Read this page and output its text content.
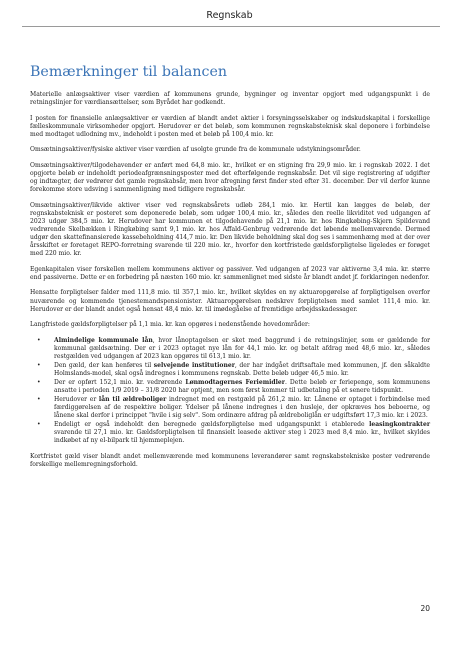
Regnskab
Bemærkninger til balancen

Materielle anlægsaktiver viser værdien af kommunens grunde, bygninger og inventar opgjort med udgangspunkt i de retningslinjer for værdiansættelser, som Byrådet har godkendt.

I posten for finansielle anlægsaktiver er værdien af blandt andet aktier i forsyningsselskaber og indskudskapital i forskellige fælleskommunale virksomheder opgjort. Herudover er det beløb, som kommunen regnskabsteknisk skal deponere i forbindelse med modtaget udlodning mv., indeholdt i posten med et beløb på 100,4 mio. kr.

Omsætningsaktiver/fysiske aktiver viser værdien af usolgte grunde fra de kommunale udstykningsområder.

Omsætningsaktiver/tilgodehavender er anført med 64,8 mio. kr., hvilket er en stigning fra 29,9 mio. kr. i regnskab 2022. I det opgjorte beløb er indeholdt periodeafgrænsningsposter med det efterfølgende regnskabsår. Det vil sige registrering af udgifter og indtægter, der vedrører det gamle regnskabsår, men hvor afregning først finder sted efter 31. december. Der vil derfor kunne forekomme store udsving i sammenligning med tidligere regnskabsår.

Omsætningsaktiver/likvide aktiver viser ved regnskabsårets udløb 284,1 mio. kr. Hertil kan lægges de beløb, der regnskabsteknisk er posteret som deponerede beløb, som udgør 100,4 mio. kr., således den reelle likviditet ved udgangen af 2023 udgør 384,5 mio. kr. Herudover har kommunen et tilgodehavende på 21,1 mio. kr. hos Ringkøbing-Skjern Spildevand vedrørende Skelbækken i Ringkøbing samt 9,1 mio. kr. hos Affald-Genbrug vedrørende det løbende mellemværende. Dermed udgør den skattefinansierede kassebeholdning 414,7 mio. kr. Den likvide beholdning skal dog ses i sammenhæng med at der over årsskiftet er foretaget REPO-forretning svarende til 220 mio. kr., hvorfor den kortfristede gældsforpligtelse ligeledes er forøget med 220 mio. kr.

Egenkapitalen viser forskellen mellem kommunens aktiver og passiver. Ved udgangen af 2023 var aktiverne 3,4 mia. kr. større end passiverne. Dette er en forbedring på næsten 160 mio. kr. sammenlignet med sidste år blandt andet jf. forklaringen nedenfor.

Hensatte forpligtelser falder med 111,8 mio. til 357,1 mio. kr., hvilket skyldes en ny aktuaropgørelse af forpligtigelsen overfor nuværende og kommende tjenestemandspensionister. Aktuaropgørelsen nedskrev forpligtelsen med samlet 111,4 mio. kr. Herudover er der blandt andet også hensat 48,4 mio. kr. til imødegåelse af fremtidige arbejdsskadessager.

Langfristede gældsforpligtelser på 1,1 mia. kr. kan opgøres i nedenstående hovedområder:

• Almindelige kommunale lån, hvor lånoptagelsen er sket med baggrund i de retningslinjer, som er gældende for kommunal gældsætning. Der er i 2023 optaget nye lån for 44,1 mio. kr. og betalt afdrag med 48,6 mio. kr., således restgælden ved udgangen af 2023 kan opgøres til 613,1 mio. kr.
• Den gæld, der kan henføres til selvejende institutioner, der har indgået driftsaftale med kommunen, jf. den såkaldte Holmslands-model, skal også indregnes i kommunens regnskab. Dette beløb udgør 46,5 mio. kr.
• Der er opført 152,1 mio. kr. vedrørende Lønmodtagernes Feriemidler. Dette beløb er feriepenge, som kommunens ansatte i perioden 1/9 2019 – 31/8 2020 har optjent, men som først kommer til udbetaling på et senere tidspunkt.
• Herudover er lån til ældreboliger indregnet med en restgæld på 261,2 mio. kr. Lånene er optaget i forbindelse med færdiggørelsen af de respektive boliger. Ydelser på lånene indregnes i den husleje, der opkræves hos beboerne, og lånene skal derfor i princippet "hvile i sig selv". Som ordinære afdrag på ældreboliglån er udgiftsført 17,3 mio. kr. i 2023.
• Endeligt er også indeholdt den beregnede gældsforpligtelse med udgangspunkt i etablerede leasingkontrakter svarende til 27,1 mio. kr. Gældsforpligtelsen til finansielt leasede aktiver steg i 2023 med 8,4 mio. kr., hvilket skyldes indkøbet af ny el-bilpark til hjemmeplejen.

Kortfristet gæld viser blandt andet mellemværende med kommunens leverandører samt regnskabstekniske poster vedrørende forskellige mellemregningsforhold.

20
